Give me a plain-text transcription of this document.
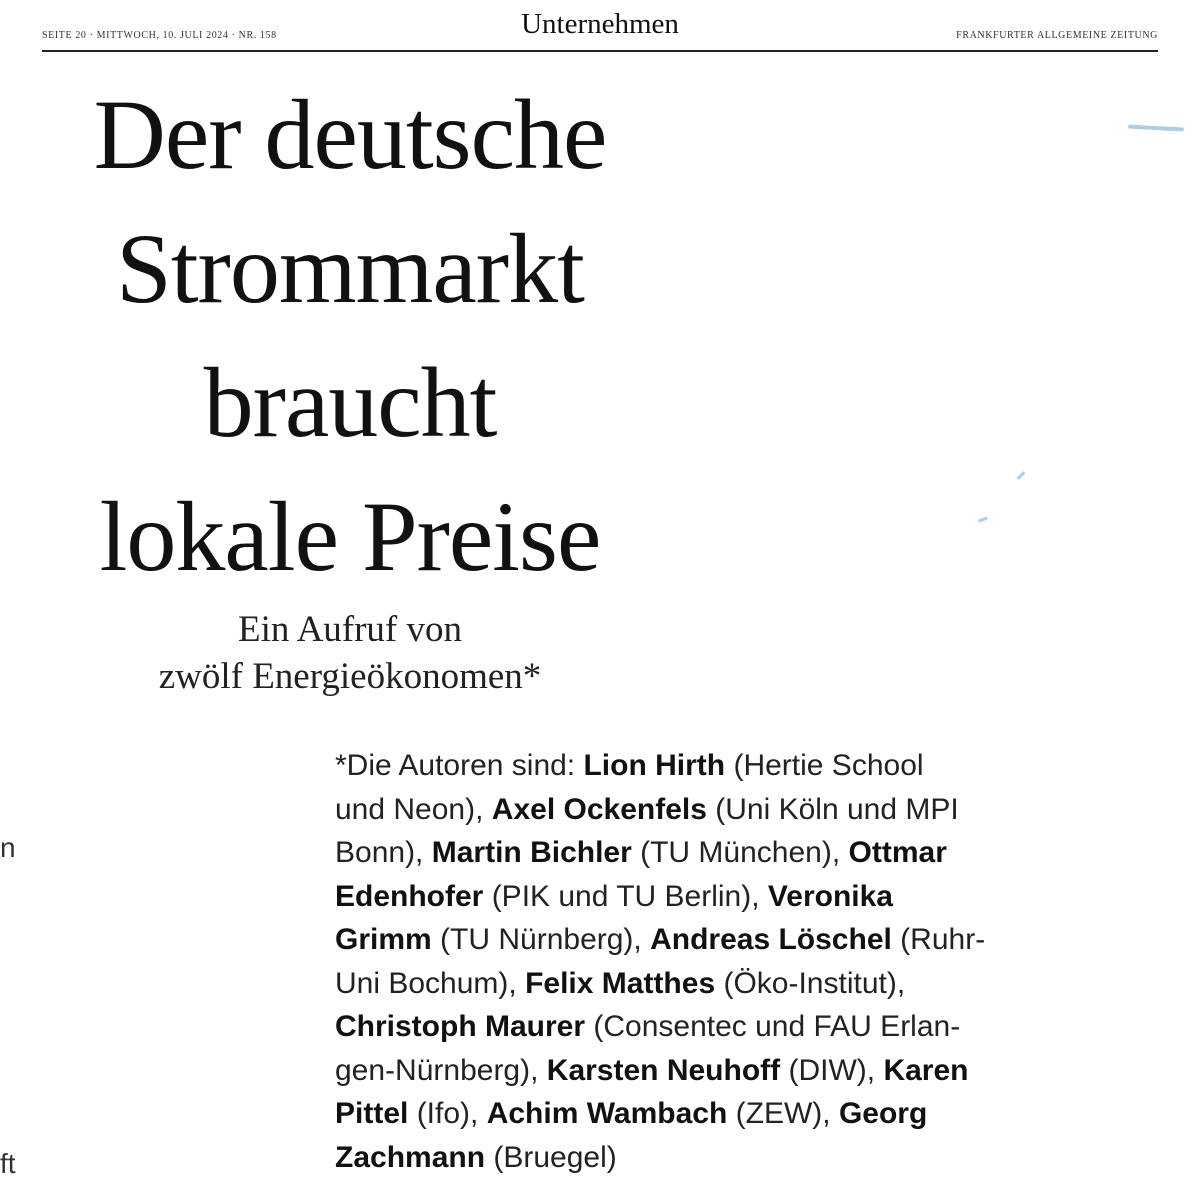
SEITE 20 · MITTWOCH, 10. JULI 2024 · NR. 158	Unternehmen	FRANKFURTER ALLGEMEINE ZEITUNG
Der deutsche
Strommarkt
braucht
lokale Preise
Ein Aufruf von
zwölf Energieökonomen*
*Die Autoren sind: Lion Hirth (Hertie School
und Neon), Axel Ockenfels (Uni Köln und MPI
Bonn), Martin Bichler (TU München), Ottmar
Edenhofer (PIK und TU Berlin), Veronika
Grimm (TU Nürnberg), Andreas Löschel (Ruhr-
Uni Bochum), Felix Matthes (Öko-Institut),
Christoph Maurer (Consentec und FAU Erlan-
gen-Nürnberg), Karsten Neuhoff (DIW), Karen
Pittel (Ifo), Achim Wambach (ZEW), Georg
Zachmann (Bruegel)
n
ft
